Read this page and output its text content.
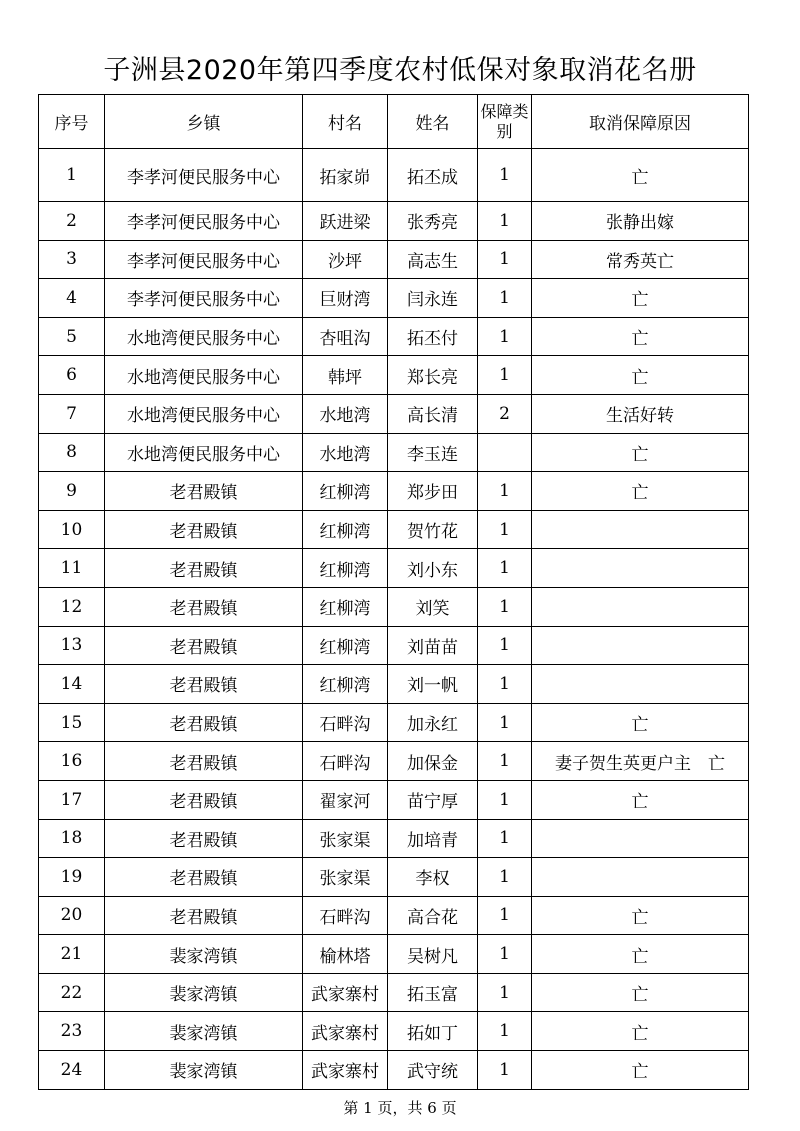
子洲县2020年第四季度农村低保对象取消花名册
序号	乡镇	村名	姓名	保障类别	取消保障原因
1	李孝河便民服务中心	拓家峁	拓丕成	1	亡
2	李孝河便民服务中心	跃进梁	张秀亮	1	张静出嫁
3	李孝河便民服务中心	沙坪	高志生	1	常秀英亡
4	李孝河便民服务中心	巨财湾	闫永连	1	亡
5	水地湾便民服务中心	杏咀沟	拓丕付	1	亡
6	水地湾便民服务中心	韩坪	郑长亮	1	亡
7	水地湾便民服务中心	水地湾	高长清	2	生活好转
8	水地湾便民服务中心	水地湾	李玉连		亡
9	老君殿镇	红柳湾	郑步田	1	亡
10	老君殿镇	红柳湾	贺竹花	1	
11	老君殿镇	红柳湾	刘小东	1	
12	老君殿镇	红柳湾	刘笑	1	
13	老君殿镇	红柳湾	刘苗苗	1	
14	老君殿镇	红柳湾	刘一帆	1	
15	老君殿镇	石畔沟	加永红	1	亡
16	老君殿镇	石畔沟	加保金	1	妻子贺生英更户主　亡
17	老君殿镇	翟家河	苗宁厚	1	亡
18	老君殿镇	张家渠	加培青	1	
19	老君殿镇	张家渠	李权	1	
20	老君殿镇	石畔沟	高合花	1	亡
21	裴家湾镇	榆林塔	吴树凡	1	亡
22	裴家湾镇	武家寨村	拓玉富	1	亡
23	裴家湾镇	武家寨村	拓如丁	1	亡
24	裴家湾镇	武家寨村	武守统	1	亡
第 1 页，共 6 页
